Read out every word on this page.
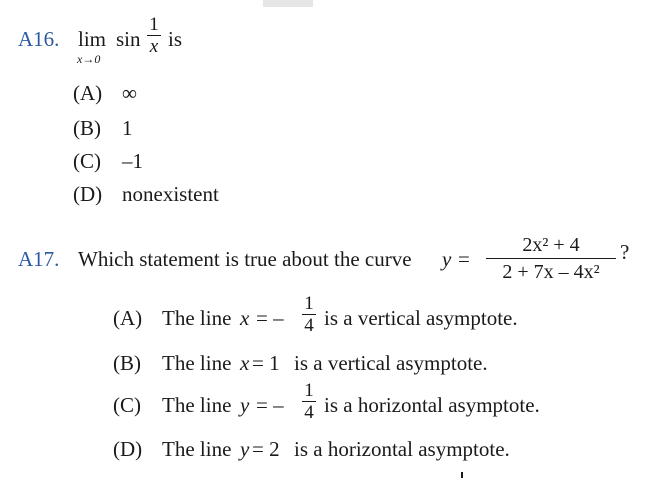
A16. lim
x→0
sin
1
x is
(A) ∞
(B) 1
(C) –1
(D) nonexistent
A17. Which statement is true about the curve y =
2x² + 4
2 + 7x – 4x²
?
(A) The line x = –
1
4 is a vertical asymptote.
(B) The line x = 1 is a vertical asymptote.
(C) The line y = –
1
4 is a horizontal asymptote.
(D) The line y = 2 is a horizontal asymptote.
